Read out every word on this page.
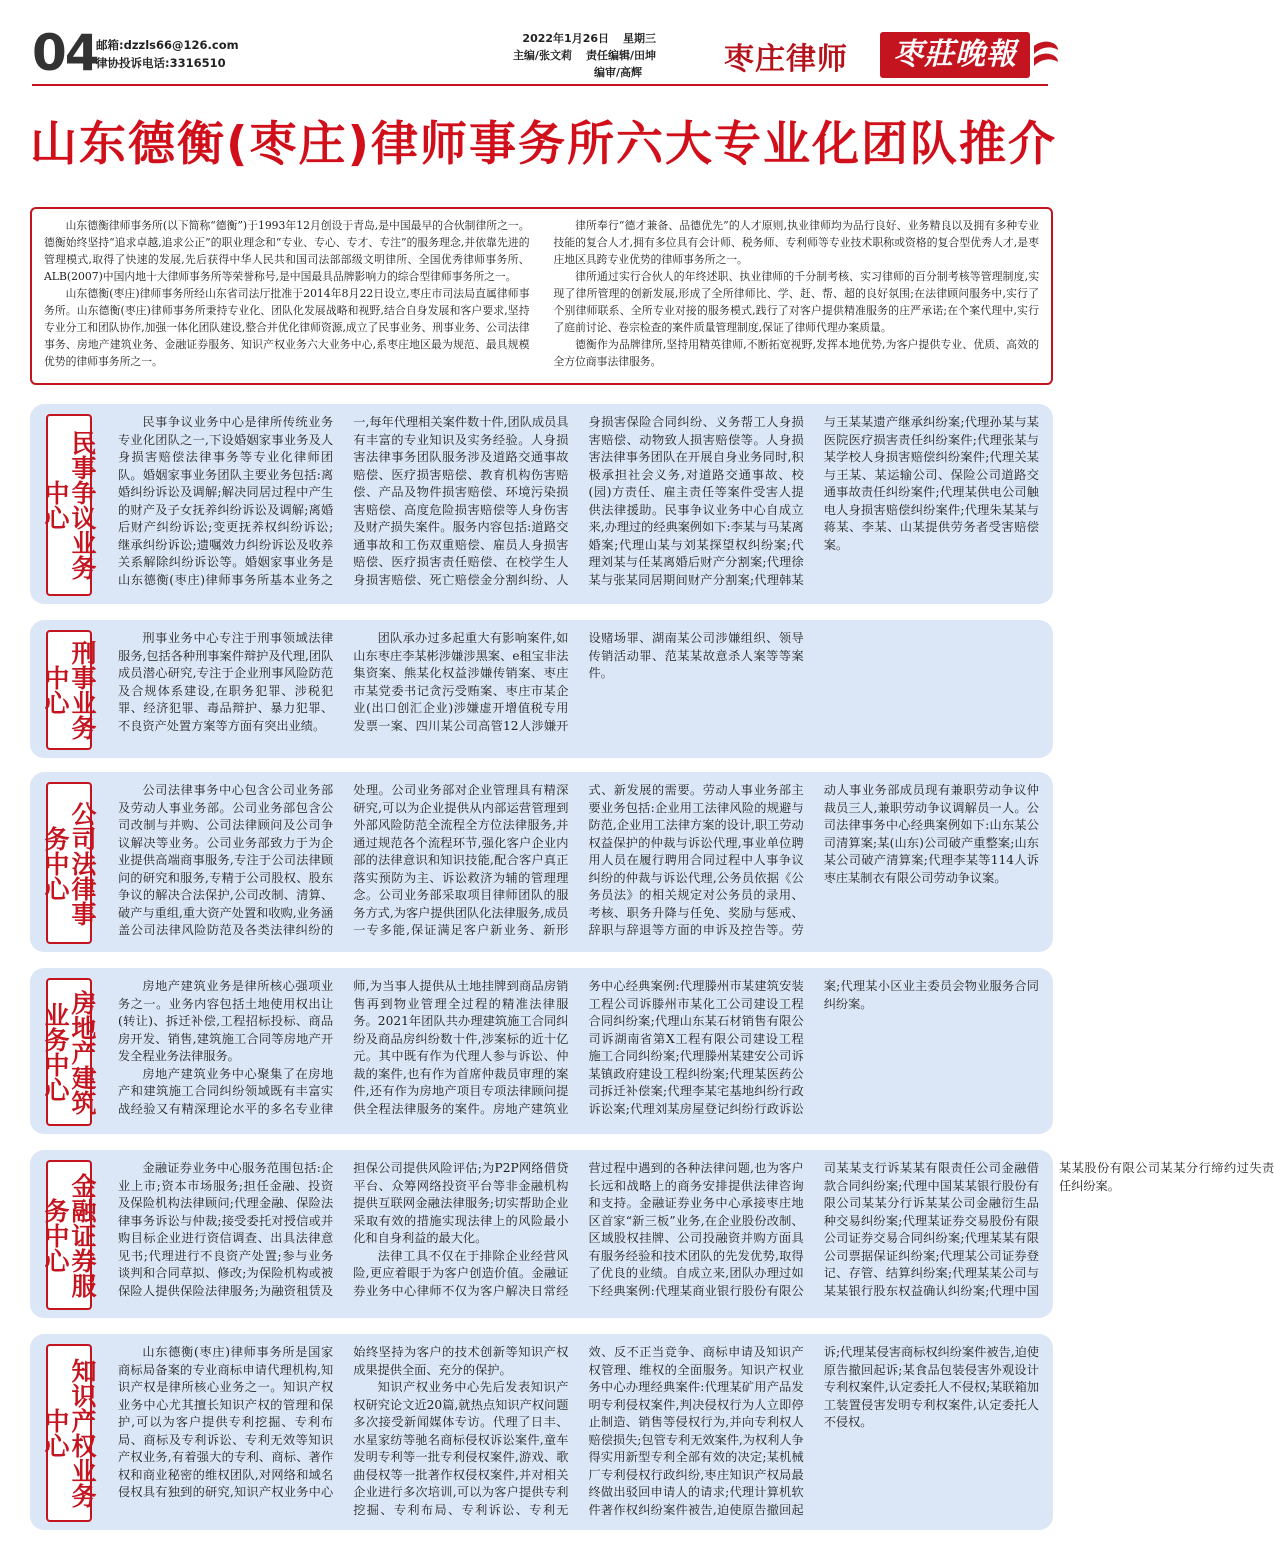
04
邮箱:dzzls66@126.com
律协投诉电话:3316510
2022年1月26日 星期三
主编/张文莉 责任编辑/田坤
编审/高辉	枣庄律师	枣莊晚報
山东德衡(枣庄)律师事务所六大专业化团队推介

山东德衡律师事务所(以下简称“德衡”)于1993年12月创设于青岛,是中国最早的合伙制律所之一。德衡始终坚持“追求卓越,追求公正”的职业理念和“专业、专心、专才、专注”的服务理念,并依靠先进的管理模式,取得了快速的发展,先后获得中华人民共和国司法部部级文明律所、全国优秀律师事务所、ALB(2007)中国内地十大律师事务所等荣誉称号,是中国最具品牌影响力的综合型律师事务所之一。

山东德衡(枣庄)律师事务所经山东省司法厅批准于2014年8月22日设立,枣庄市司法局直属律师事务所。山东德衡(枣庄)律师事务所秉持专业化、团队化发展战略和视野,结合自身发展和客户要求,坚持专业分工和团队协作,加强一体化团队建设,整合并优化律师资源,成立了民事业务、刑事业务、公司法律事务、房地产建筑业务、金融证券服务、知识产权业务六大业务中心,系枣庄地区最为规范、最具规模优势的律师事务所之一。

律所奉行“德才兼备、品德优先”的人才原则,执业律师均为品行良好、业务精良以及拥有多种专业技能的复合人才,拥有多位具有会计师、税务师、专利师等专业技术职称或资格的复合型优秀人才,是枣庄地区具跨专业优势的律师事务所之一。

律所通过实行合伙人的年终述职、执业律师的千分制考核、实习律师的百分制考核等管理制度,实现了律所管理的创新发展,形成了全所律师比、学、赶、帮、超的良好氛围;在法律顾问服务中,实行了个别律师联系、全所专业对接的服务模式,践行了对客户提供精准服务的庄严承诺;在个案代理中,实行了庭前讨论、卷宗检查的案件质量管理制度,保证了律师代理办案质量。

德衡作为品牌律所,坚持用精英律师,不断拓宽视野,发挥本地优势,为客户提供专业、优质、高效的全方位商事法律服务。

民事争议业务中心

民事争议业务中心是律所传统业务专业化团队之一,下设婚姻家事业务及人身损害赔偿法律事务等专业化律师团队。婚姻家事业务团队主要业务包括:离婚纠纷诉讼及调解;解决同居过程中产生的财产及子女抚养纠纷诉讼及调解;离婚后财产纠纷诉讼;变更抚养权纠纷诉讼;继承纠纷诉讼;遗嘱效力纠纷诉讼及收养关系解除纠纷诉讼等。婚姻家事业务是山东德衡(枣庄)律师事务所基本业务之一,每年代理相关案件数十件,团队成员具有丰富的专业知识及实务经验。人身损害法律事务团队服务涉及道路交通事故赔偿、医疗损害赔偿、教育机构伤害赔偿、产品及物件损害赔偿、环境污染损害赔偿、高度危险损害赔偿等人身伤害及财产损失案件。服务内容包括:道路交通事故和工伤双重赔偿、雇员人身损害赔偿、医疗损害责任赔偿、在校学生人身损害赔偿、死亡赔偿金分割纠纷、人身损害保险合同纠纷、义务帮工人身损害赔偿、动物致人损害赔偿等。人身损害法律事务团队在开展自身业务同时,积极承担社会义务,对道路交通事故、校(园)方责任、雇主责任等案件受害人提供法律援助。民事争议业务中心自成立来,办理过的经典案例如下:李某与马某离婚案;代理山某与刘某探望权纠纷案;代理刘某与任某离婚后财产分割案;代理徐某与张某同居期间财产分割案;代理韩某与王某某遗产继承纠纷案;代理孙某与某医院医疗损害责任纠纷案件;代理张某与某学校人身损害赔偿纠纷案件;代理关某与王某、某运输公司、保险公司道路交通事故责任纠纷案件;代理某供电公司触电人身损害赔偿纠纷案件;代理朱某某与蒋某、李某、山某提供劳务者受害赔偿案。

刑事业务中心

刑事业务中心专注于刑事领域法律服务,包括各种刑事案件辩护及代理,团队成员潜心研究,专注于企业刑事风险防范及合规体系建设,在职务犯罪、涉税犯罪、经济犯罪、毒品辩护、暴力犯罪、不良资产处置方案等方面有突出业绩。

团队承办过多起重大有影响案件,如山东枣庄李某彬涉嫌涉黑案、e租宝非法集资案、熊某化权益涉嫌传销案、枣庄市某党委书记贪污受贿案、枣庄市某企业(出口创汇企业)涉嫌虚开增值税专用发票一案、四川某公司高管12人涉嫌开设赌场罪、湖南某公司涉嫌组织、领导传销活动罪、范某某故意杀人案等等案件。

公司法律事务中心

公司法律事务中心包含公司业务部及劳动人事业务部。公司业务部包含公司改制与并购、公司法律顾问及公司争议解决等业务。公司业务部致力于为企业提供高端商事服务,专注于公司法律顾问的研究和服务,专精于公司股权、股东争议的解决合法保护,公司改制、清算、破产与重组,重大资产处置和收购,业务涵盖公司法律风险防范及各类法律纠纷的处理。公司业务部对企业管理具有精深研究,可以为企业提供从内部运营管理到外部风险防范全流程全方位法律服务,并通过规范各个流程环节,强化客户企业内部的法律意识和知识技能,配合客户真正落实预防为主、诉讼救济为辅的管理理念。公司业务部采取项目律师团队的服务方式,为客户提供团队化法律服务,成员一专多能,保证满足客户新业务、新形式、新发展的需要。劳动人事业务部主要业务包括:企业用工法律风险的规避与防范,企业用工法律方案的设计,职工劳动权益保护的仲裁与诉讼代理,事业单位聘用人员在履行聘用合同过程中人事争议纠纷的仲裁与诉讼代理,公务员依据《公务员法》的相关规定对公务员的录用、考核、职务升降与任免、奖励与惩戒、辞职与辞退等方面的申诉及控告等。劳动人事业务部成员现有兼职劳动争议仲裁员三人,兼职劳动争议调解员一人。公司法律事务中心经典案例如下:山东某公司清算案;某(山东)公司破产重整案;山东某公司破产清算案;代理李某等114人诉枣庄某制衣有限公司劳动争议案。

房地产建筑业务中心

房地产建筑业务是律所核心强项业务之一。业务内容包括土地使用权出让(转让)、拆迁补偿,工程招标投标、商品房开发、销售,建筑施工合同等房地产开发全程业务法律服务。

房地产建筑业务中心聚集了在房地产和建筑施工合同纠纷领域既有丰富实战经验又有精深理论水平的多名专业律师,为当事人提供从土地挂牌到商品房销售再到物业管理全过程的精准法律服务。2021年团队共办理建筑施工合同纠纷及商品房纠纷数十件,涉案标的近十亿元。其中既有作为代理人参与诉讼、仲裁的案件,也有作为首席仲裁员审理的案件,还有作为房地产项目专项法律顾问提供全程法律服务的案件。房地产建筑业务中心经典案例:代理滕州市某建筑安装工程公司诉滕州市某化工公司建设工程合同纠纷案;代理山东某石材销售有限公司诉湖南省第X工程有限公司建设工程施工合同纠纷案;代理滕州某建安公司诉某镇政府建设工程纠纷案;代理某医药公司拆迁补偿案;代理李某宅基地纠纷行政诉讼案;代理刘某房屋登记纠纷行政诉讼案;代理某小区业主委员会物业服务合同纠纷案。

金融证券服务中心

金融证券业务中心服务范围包括:企业上市;资本市场服务;担任金融、投资及保险机构法律顾问;代理金融、保险法律事务诉讼与仲裁;接受委托对授信或并购目标企业进行资信调查、出具法律意见书;代理进行不良资产处置;参与业务谈判和合同草拟、修改;为保险机构或被保险人提供保险法律服务;为融资租赁及担保公司提供风险评估;为P2P网络借贷平台、众筹网络投资平台等非金融机构提供互联网金融法律服务;切实帮助企业采取有效的措施实现法律上的风险最小化和自身利益的最大化。

法律工具不仅在于排除企业经营风险,更应着眼于为客户创造价值。金融证券业务中心律师不仅为客户解决日常经营过程中遇到的各种法律问题,也为客户长远和战略上的商务安排提供法律咨询和支持。金融证券业务中心承接枣庄地区首家“新三板”业务,在企业股份改制、区域股权挂牌、公司投融资并购方面具有服务经验和技术团队的先发优势,取得了优良的业绩。自成立来,团队办理过如下经典案例:代理某商业银行股份有限公司某某支行诉某某有限责任公司金融借款合同纠纷案;代理中国某某银行股份有限公司某某分行诉某某公司金融衍生品种交易纠纷案;代理某证券交易股份有限公司证券交易合同纠纷案;代理某某有限公司票据保证纠纷案;代理某公司证券登记、存管、结算纠纷案;代理某某公司与某某银行股东权益确认纠纷案;代理中国某某股份有限公司某某分行缔约过失责任纠纷案。

知识产权业务中心

山东德衡(枣庄)律师事务所是国家商标局备案的专业商标申请代理机构,知识产权是律所核心业务之一。知识产权业务中心尤其擅长知识产权的管理和保护,可以为客户提供专利挖掘、专利布局、商标及专利诉讼、专利无效等知识产权业务,有着强大的专利、商标、著作权和商业秘密的维权团队,对网络和域名侵权具有独到的研究,知识产权业务中心始终坚持为客户的技术创新等知识产权成果提供全面、充分的保护。

知识产权业务中心先后发表知识产权研究论文近20篇,就热点知识产权问题多次接受新闻媒体专访。代理了日丰、水星家纺等驰名商标侵权诉讼案件,童车发明专利等一批专利侵权案件,游戏、歌曲侵权等一批著作权侵权案件,并对相关企业进行多次培训,可以为客户提供专利挖掘、专利布局、专利诉讼、专利无效、反不正当竞争、商标申请及知识产权管理、维权的全面服务。知识产权业务中心办理经典案件:代理某矿用产品发明专利侵权案件,判决侵权行为人立即停止制造、销售等侵权行为,并向专利权人赔偿损失;包管专利无效案件,为权利人争得实用新型专利全部有效的决定;某机械厂专利侵权行政纠纷,枣庄知识产权局最终做出驳回申请人的请求;代理计算机软件著作权纠纷案件被告,迫使原告撤回起诉;代理某侵害商标权纠纷案件被告,迫使原告撤回起诉;某食品包装侵害外观设计专利权案件,认定委托人不侵权;某联箱加工装置侵害发明专利权案件,认定委托人不侵权。
